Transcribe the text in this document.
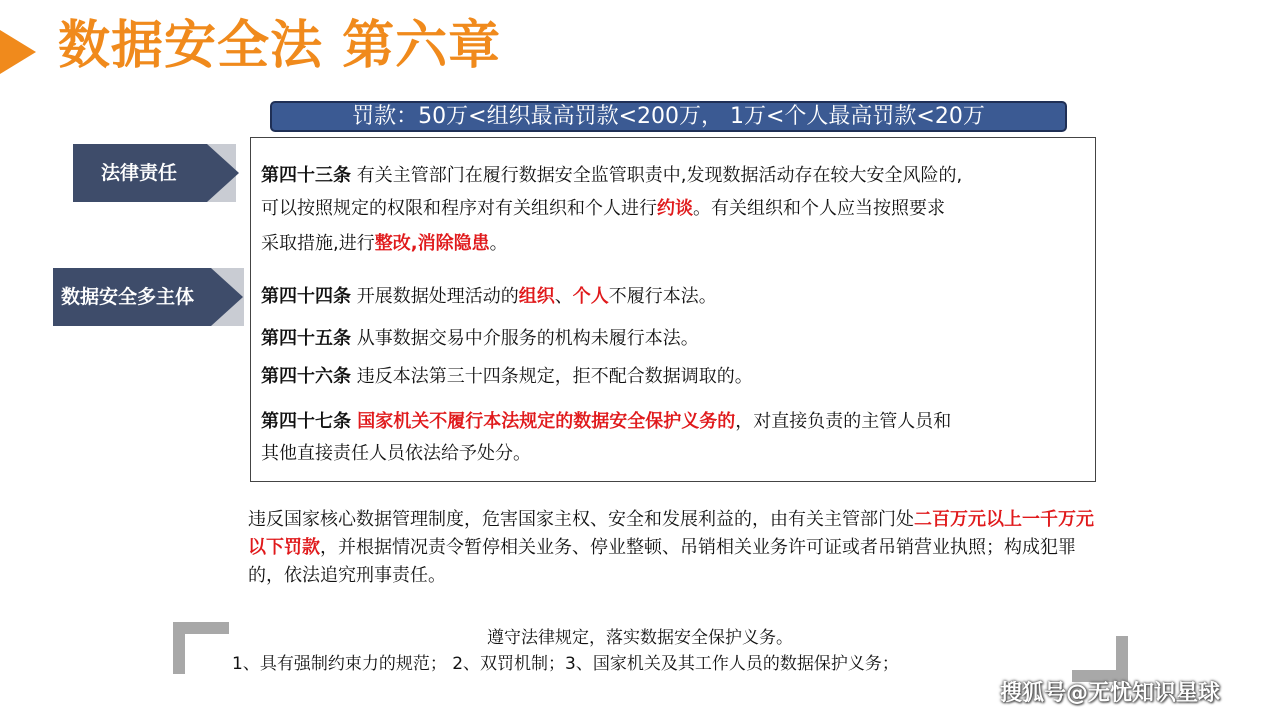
数据安全法 第六章
罚款：50万<组织最高罚款<200万， 1万<个人最高罚款<20万
法律责任
数据安全多主体
第四十三条 有关主管部门在履行数据安全监管职责中,发现数据活动存在较大安全风险的,
可以按照规定的权限和程序对有关组织和个人进行约谈。有关组织和个人应当按照要求
采取措施,进行整改,消除隐患。
第四十四条 开展数据处理活动的组织、个人不履行本法。
第四十五条 从事数据交易中介服务的机构未履行本法。
第四十六条 违反本法第三十四条规定，拒不配合数据调取的。
第四十七条 国家机关不履行本法规定的数据安全保护义务的，对直接负责的主管人员和
其他直接责任人员依法给予处分。
违反国家核心数据管理制度，危害国家主权、安全和发展利益的，由有关主管部门处二百万元以上一千万元以下罚款，并根据情况责令暂停相关业务、停业整顿、吊销相关业务许可证或者吊销营业执照；构成犯罪的，依法追究刑事责任。
遵守法律规定，落实数据安全保护义务。
1、具有强制约束力的规范； 2、双罚机制；3、国家机关及其工作人员的数据保护义务；
搜狐号@无忧知识星球
